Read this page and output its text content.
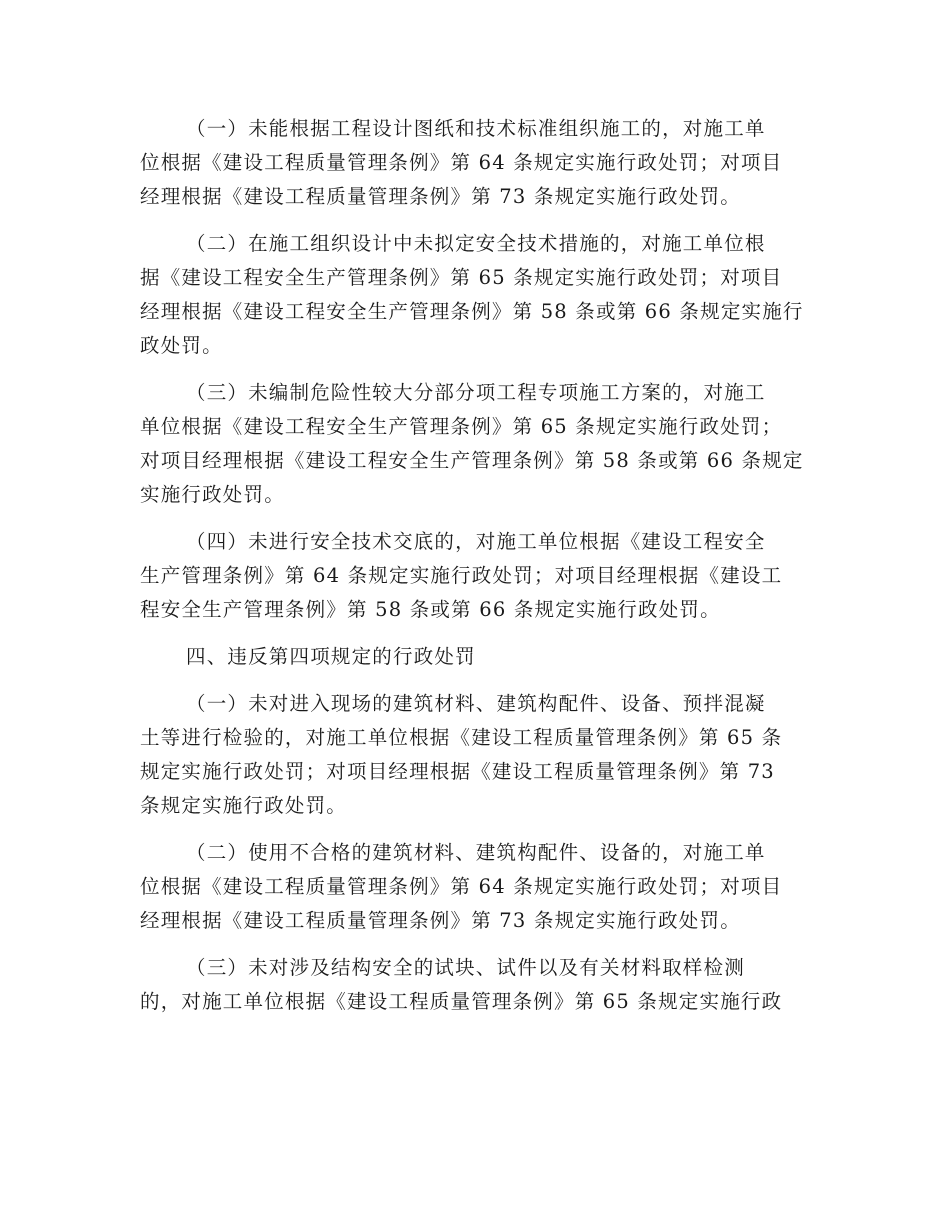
（一）未能根据工程设计图纸和技术标准组织施工的，对施工单
位根据《建设工程质量管理条例》第 64 条规定实施行政处罚；对项目
经理根据《建设工程质量管理条例》第 73 条规定实施行政处罚。
（二）在施工组织设计中未拟定安全技术措施的，对施工单位根
据《建设工程安全生产管理条例》第 65 条规定实施行政处罚；对项目
经理根据《建设工程安全生产管理条例》第 58 条或第 66 条规定实施行
政处罚。
（三）未编制危险性较大分部分项工程专项施工方案的，对施工
单位根据《建设工程安全生产管理条例》第 65 条规定实施行政处罚；
对项目经理根据《建设工程安全生产管理条例》第 58 条或第 66 条规定
实施行政处罚。
（四）未进行安全技术交底的，对施工单位根据《建设工程安全
生产管理条例》第 64 条规定实施行政处罚；对项目经理根据《建设工
程安全生产管理条例》第 58 条或第 66 条规定实施行政处罚。
四、违反第四项规定的行政处罚
（一）未对进入现场的建筑材料、建筑构配件、设备、预拌混凝
土等进行检验的，对施工单位根据《建设工程质量管理条例》第 65 条
规定实施行政处罚；对项目经理根据《建设工程质量管理条例》第 73
条规定实施行政处罚。
（二）使用不合格的建筑材料、建筑构配件、设备的，对施工单
位根据《建设工程质量管理条例》第 64 条规定实施行政处罚；对项目
经理根据《建设工程质量管理条例》第 73 条规定实施行政处罚。
（三）未对涉及结构安全的试块、试件以及有关材料取样检测
的，对施工单位根据《建设工程质量管理条例》第 65 条规定实施行政
